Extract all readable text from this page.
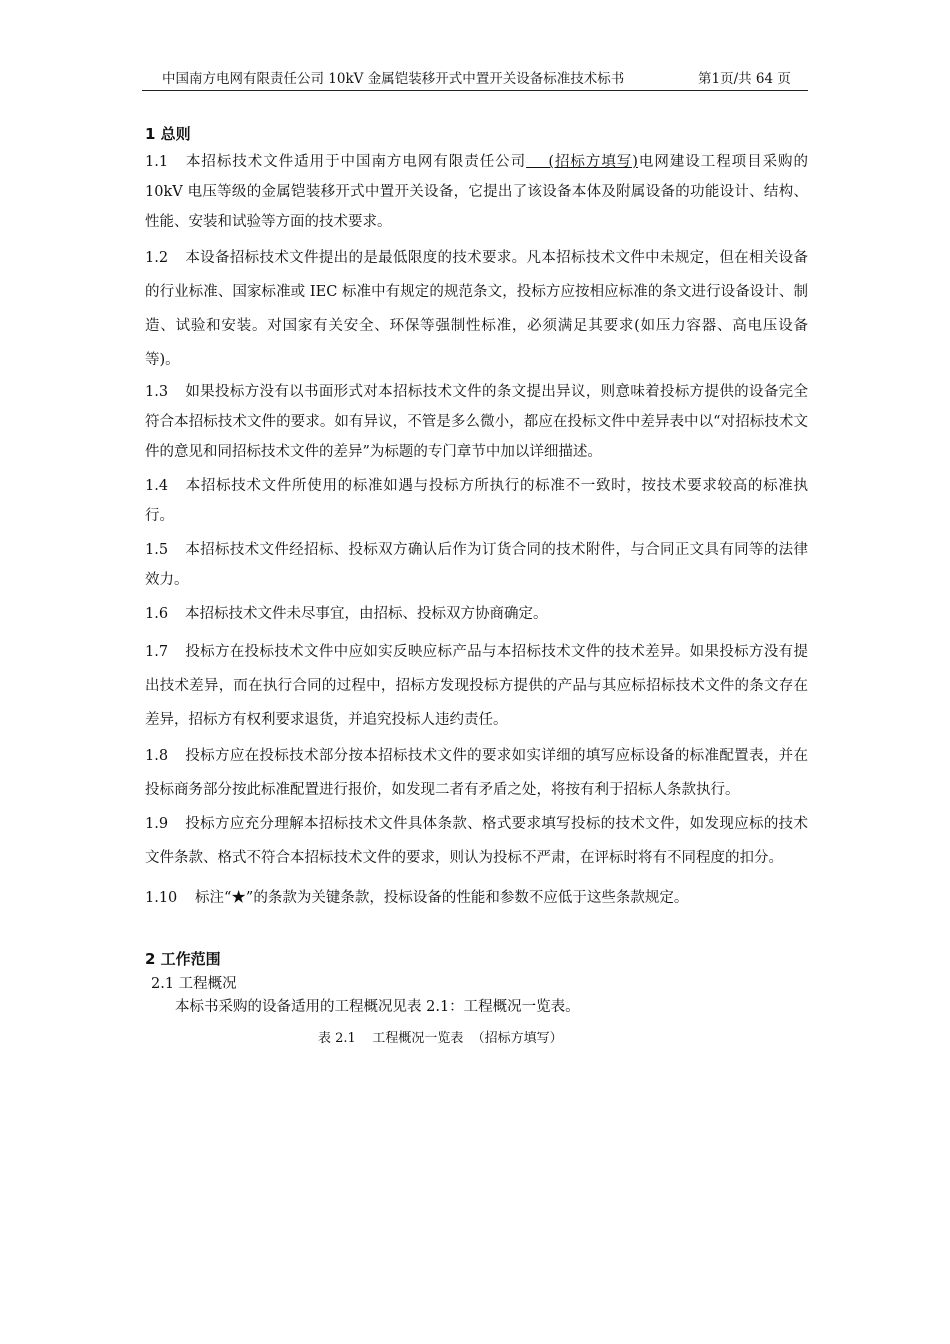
中国南方电网有限责任公司 10kV 金属铠装移开式中置开关设备标准技术标书	第1页/共 64 页
1 总则

1.1 本招标技术文件适用于中国南方电网有限责任公司    (招标方填写)电网建设工程项目采购的 10kV 电压等级的金属铠装移开式中置开关设备，它提出了该设备本体及附属设备的功能设计、结构、性能、安装和试验等方面的技术要求。

1.2 本设备招标技术文件提出的是最低限度的技术要求。凡本招标技术文件中未规定，但在相关设备的行业标准、国家标准或 IEC 标准中有规定的规范条文，投标方应按相应标准的条文进行设备设计、制造、试验和安装。对国家有关安全、环保等强制性标准，必须满足其要求(如压力容器、高电压设备等)。

1.3 如果投标方没有以书面形式对本招标技术文件的条文提出异议，则意味着投标方提供的设备完全符合本招标技术文件的要求。如有异议，不管是多么微小，都应在投标文件中差异表中以“对招标技术文件的意见和同招标技术文件的差异”为标题的专门章节中加以详细描述。

1.4 本招标技术文件所使用的标准如遇与投标方所执行的标准不一致时，按技术要求较高的标准执行。

1.5 本招标技术文件经招标、投标双方确认后作为订货合同的技术附件，与合同正文具有同等的法律效力。

1.6 本招标技术文件未尽事宜，由招标、投标双方协商确定。

1.7 投标方在投标技术文件中应如实反映应标产品与本招标技术文件的技术差异。如果投标方没有提出技术差异，而在执行合同的过程中，招标方发现投标方提供的产品与其应标招标技术文件的条文存在差异，招标方有权利要求退货，并追究投标人违约责任。

1.8 投标方应在投标技术部分按本招标技术文件的要求如实详细的填写应标设备的标准配置表，并在投标商务部分按此标准配置进行报价，如发现二者有矛盾之处，将按有利于招标人条款执行。

1.9 投标方应充分理解本招标技术文件具体条款、格式要求填写投标的技术文件，如发现应标的技术文件条款、格式不符合本招标技术文件的要求，则认为投标不严肃，在评标时将有不同程度的扣分。

1.10 标注“★”的条款为关键条款，投标设备的性能和参数不应低于这些条款规定。

2 工作范围

2.1 工程概况

本标书采购的设备适用的工程概况见表 2.1：工程概况一览表。

表 2.1    工程概况一览表  （招标方填写）
